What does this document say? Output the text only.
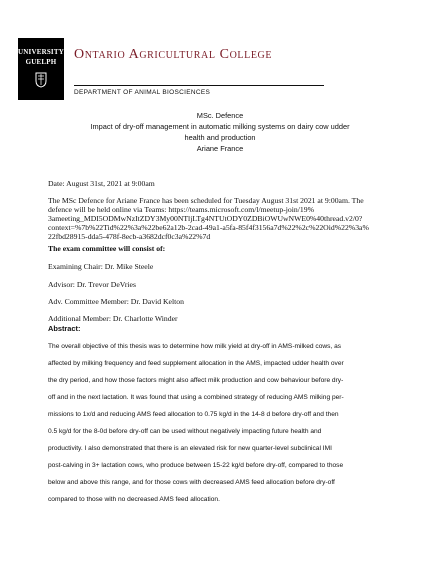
UNIVERSITY
GUELPH	Ontario Agricultural College
DEPARTMENT OF ANIMAL BIOSCIENCES
MSc. Defence
Impact of dry-off management in automatic milking systems on dairy cow udder
health and production
Ariane France
Date: August 31st, 2021 at 9:00am
The MSc Defence for Ariane France has been scheduled for Tuesday August 31st 2021 at 9:00am. The
defence will be held online via Teams: https://teams.microsoft.com/l/meetup-join/19%
3ameeting_MDI5ODMwNzItZDY3My00NTljLTg4NTUtODY0ZDBiOWUwNWE0%40thread.v2/0?
context=%7b%22Tid%22%3a%22be62a12b-2cad-49a1-a5fa-85f4f3156a7d%22%2c%22Oid%22%3a%
22fbd28915-dda5-478f-8ecb-a3682dcf0c3a%22%7d
The exam committee will consist of:
Examining Chair: Dr. Mike Steele
Advisor: Dr. Trevor DeVries
Adv. Committee Member: Dr. David Kelton
Additional Member: Dr. Charlotte Winder
Abstract:
The overall objective of this thesis was to determine how milk yield at dry-off in AMS-milked cows, as
affected by milking frequency and feed supplement allocation in the AMS, impacted udder health over
the dry period, and how those factors might also affect milk production and cow behaviour before dry-
off and in the next lactation. It was found that using a combined strategy of reducing AMS milking per-
missions to 1x/d and reducing AMS feed allocation to 0.75 kg/d in the 14-8 d before dry-off and then
0.5 kg/d for the 8-0d before dry-off can be used without negatively impacting future health and
productivity. I also demonstrated that there is an elevated risk for new quarter-level subclinical IMI
post-calving in 3+ lactation cows, who produce between 15-22 kg/d before dry-off, compared to those
below and above this range, and for those cows with decreased AMS feed allocation before dry-off
compared to those with no decreased AMS feed allocation.
